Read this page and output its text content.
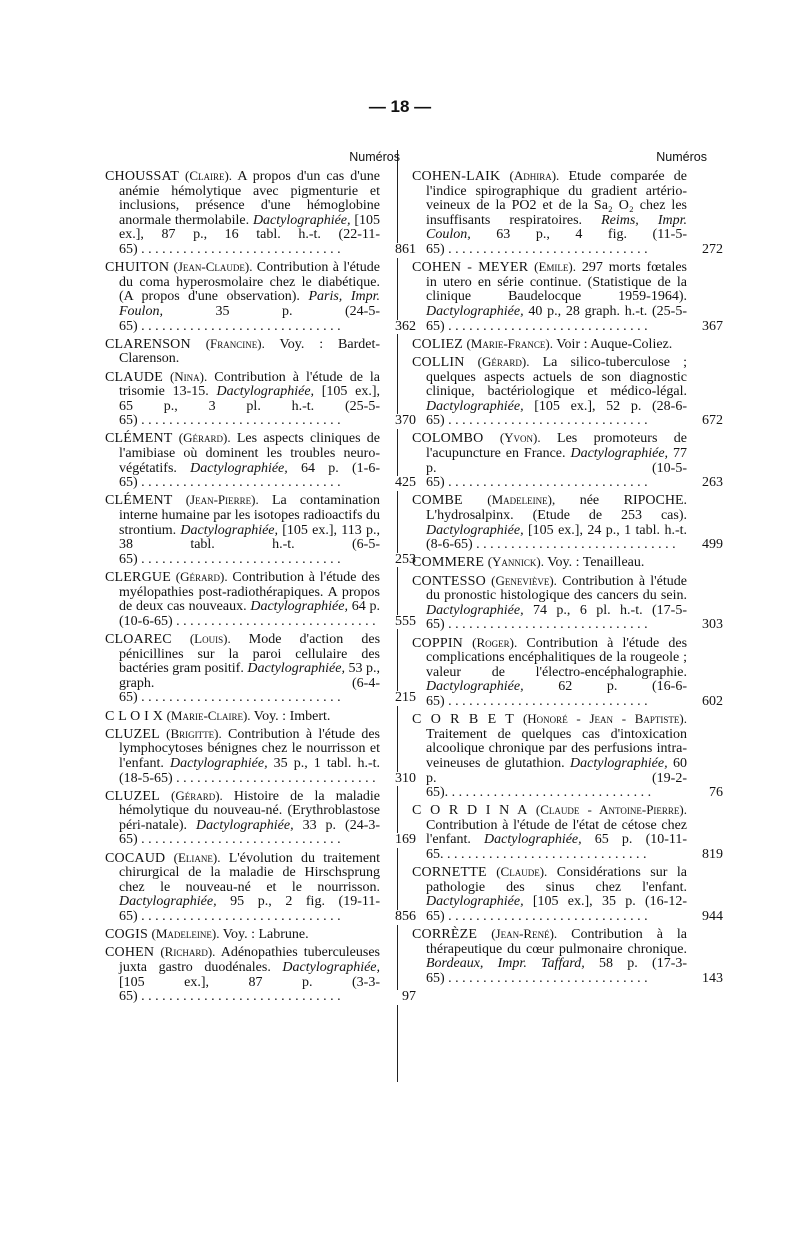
— 18 —
Numéros
CHOUSSAT (Claire). A propos d'un cas d'une anémie hémolytique avec pigmenturie et inclusions, présence d'une hémoglobine anormale thermolabile. Dactylographiée, [105 ex.], 87 p., 16 tabl. h.-t. (22-11-65) . . .	861
CHUITON (Jean-Claude). Contribution à l'étude du coma hyperosmolaire chez le diabétique. (A propos d'une observation). Paris, Impr. Foulon,	35 p.	(24-5-65) . . .	362
CLARENSON (Francine). Voy. : Bardet-Clarenson.
CLAUDE (Nina). Contribution à l'étude de la trisomie 13-15. Dactylographiée, [105 ex.], 65 p., 3 pl. h.-t. (25-5-65) . . .	370
CLÉMENT (Gérard). Les aspects cliniques de l'amibiase où dominent les troubles neuro-végétatifs. Dactylographiée, 64 p. (1-6-65) . . .	425
CLÉMENT (Jean-Pierre). La contamination interne humaine par les isotopes radioactifs du strontium. Dactylographiée, [105 ex.], 113 p., 38 tabl. h.-t.	(6-5-65) . . .	253
CLERGUE (Gérard). Contribution à l'étude des myélopathies post-radiothérapiques. A propos de deux cas nouveaux. Dactylographiée, 64 p. (10-6-65) . . .	555
CLOAREC (Louis). Mode d'action des pénicillines sur la paroi cellulaire des bactéries gram positif. Dactylographiée, 53 p., graph.	(6-4-65) . . .	215
C L O I X (Marie-Claire). Voy. : Imbert.
CLUZEL (Brigitte). Contribution à l'étude des lymphocytoses bénignes chez le nourrisson et l'enfant. Dactylographiée, 35 p., 1 tabl. h.-t. (18-5-65) . . .	310
CLUZEL (Gérard). Histoire de la maladie hémolytique du nouveau-né. (Erythroblastose péri-natale). Dactylographiée, 33 p. (24-3-65) . . .	169
COCAUD (Eliane). L'évolution du traitement chirurgical de la maladie de Hirschsprung chez le nouveau-né et le nourrisson. Dactylographiée, 95 p., 2 fig. (19-11-65) . . .	856
COGIS (Madeleine). Voy. : Labrune.
COHEN (Richard). Adénopathies tuberculeuses juxta gastro duodénales. Dactylographiée, [105 ex.], 87 p.	(3-3-65) . . .	97
Numéros
COHEN-LAIK (Adhira). Etude comparée de l'indice spirographique du gradient artério-veineux de la PO2 et de la Sa₂ O₂ chez les insuffisants respiratoires. Reims, Impr. Coulon, 63 p., 4 fig. (11-5-65) . . .	272
COHEN - MEYER (Emile). 297 morts fœtales in utero en série continue. (Statistique de la clinique Baudelocque 1959-1964). Dactylographiée, 40 p., 28 graph. h.-t. (25-5-65) . . .	367
COLIEZ (Marie-France). Voir : Auque-Coliez.
COLLIN (Gérard). La silico-tuberculose ; quelques aspects actuels de son diagnostic clinique, bactériologique et médico-légal. Dactylographiée, [105 ex.], 52 p. (28-6-65) . . .	672
COLOMBO (Yvon). Les promoteurs de l'acupuncture en France. Dactylographiée, 77 p.	(10-5-65) . . .	263
COMBE (Madeleine), née RIPOCHE. L'hydrosalpinx. (Etude de 253 cas). Dactylographiée, [105 ex.], 24 p., 1 tabl. h.-t. (8-6-65) . . .	499
COMMERE (Yannick). Voy. : Tenailleau.
CONTESSO (Geneviève). Contribution à l'étude du pronostic histologique des cancers du sein. Dactylographiée, 74 p., 6 pl. h.-t. (17-5-65) . . .	303
COPPIN (Roger). Contribution à l'étude des complications encéphalitiques de la rougeole ; valeur de l'électro-encéphalographie. Dactylographiée, 62 p. (16-6-65) . . .	602
C O R B E T (Honoré - Jean - Baptiste). Traitement de quelques cas d'intoxication alcoolique chronique par des perfusions intra-veineuses de glutathion. Dactylographiée, 60 p.	(19-2-65). . . .	76
C O R D I N A (Claude - Antoine-Pierre). Contribution à l'étude de l'état de cétose chez l'enfant. Dactylographiée, 65 p. (10-11-65. . . .	819
CORNETTE (Claude). Considérations sur la pathologie des sinus chez l'enfant. Dactylographiée, [105 ex.], 35 p. (16-12-65) . . .	944
CORRÈZE (Jean-René). Contribution à la thérapeutique du cœur pulmonaire chronique. Bordeaux, Impr. Taffard, 58 p. (17-3-65) . . .	143
